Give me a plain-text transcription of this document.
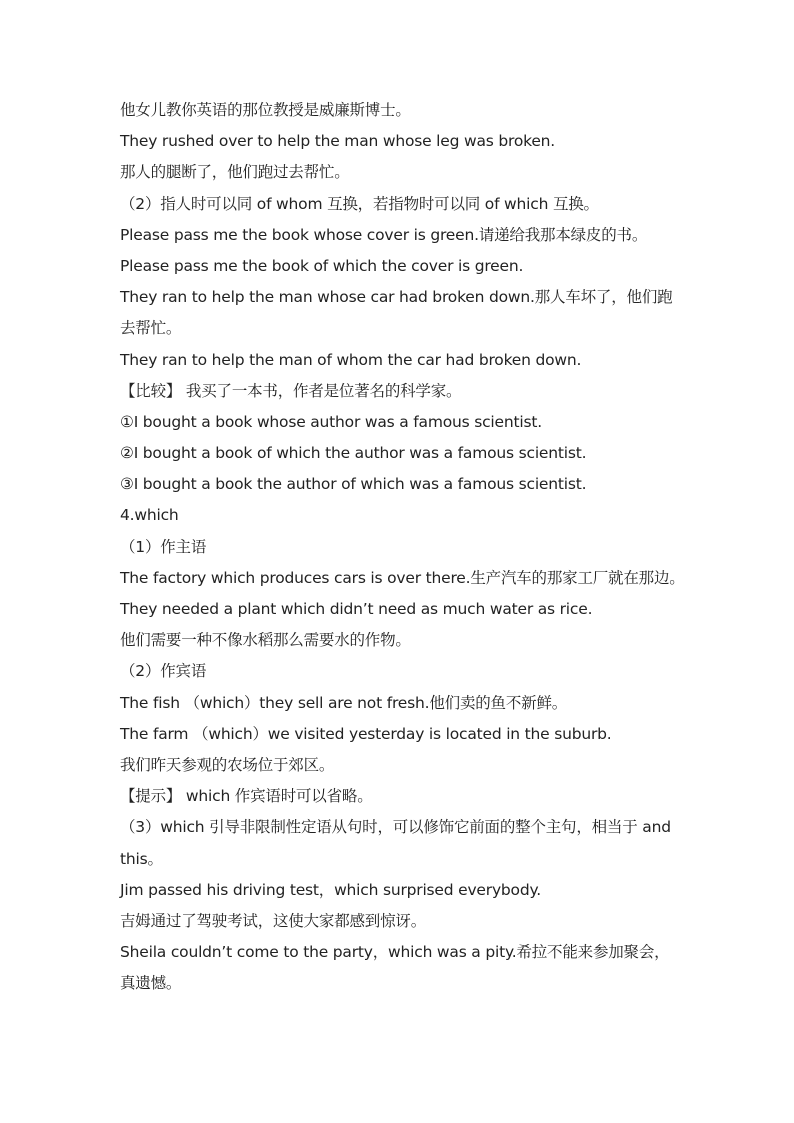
他女儿教你英语的那位教授是威廉斯博士。
They rushed over to help the man whose leg was broken.
那人的腿断了，他们跑过去帮忙。
（2）指人时可以同 of whom 互换，若指物时可以同 of which 互换。
Please pass me the book whose cover is green.请递给我那本绿皮的书。
Please pass me the book of which the cover is green.
They ran to help the man whose car had broken down.那人车坏了，他们跑
去帮忙。
They ran to help the man of whom the car had broken down.
【比较】 我买了一本书，作者是位著名的科学家。
①I bought a book whose author was a famous scientist.
②I bought a book of which the author was a famous scientist.
③I bought a book the author of which was a famous scientist.
4.which
（1）作主语
The factory which produces cars is over there.生产汽车的那家工厂就在那边。
They needed a plant which didn’t need as much water as rice.
他们需要一种不像水稻那么需要水的作物。
（2）作宾语
The fish （which）they sell are not fresh.他们卖的鱼不新鲜。
The farm （which）we visited yesterday is located in the suburb.
我们昨天参观的农场位于郊区。
【提示】 which 作宾语时可以省略。
（3）which 引导非限制性定语从句时，可以修饰它前面的整个主句，相当于 and
this。
Jim passed his driving test，which surprised everybody.
吉姆通过了驾驶考试，这使大家都感到惊讶。
Sheila couldn’t come to the party，which was a pity.希拉不能来参加聚会，
真遗憾。
